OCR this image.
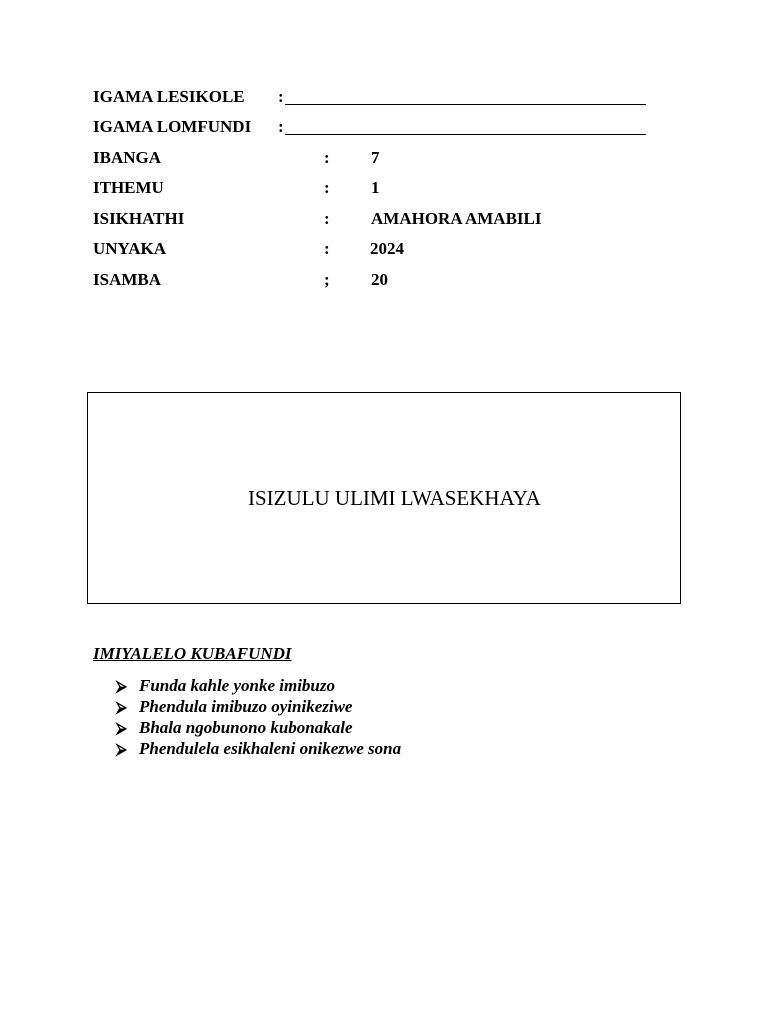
IGAMA LESIKOLE :
IGAMA LOMFUNDI :
IBANGA	: 7
ITHEMU	: 1
ISIKHATHI	: AMAHORA AMABILI
UNYAKA	: 2024
ISAMBA	; 20
ISIZULU ULIMI LWASEKHAYA
IMIYALELO KUBAFUNDI
⮚ Funda kahle yonke imibuzo
⮚ Phendula imibuzo oyinikeziwe
⮚ Bhala ngobunono kubonakale
⮚ Phendulela esikhaleni onikezwe sona
